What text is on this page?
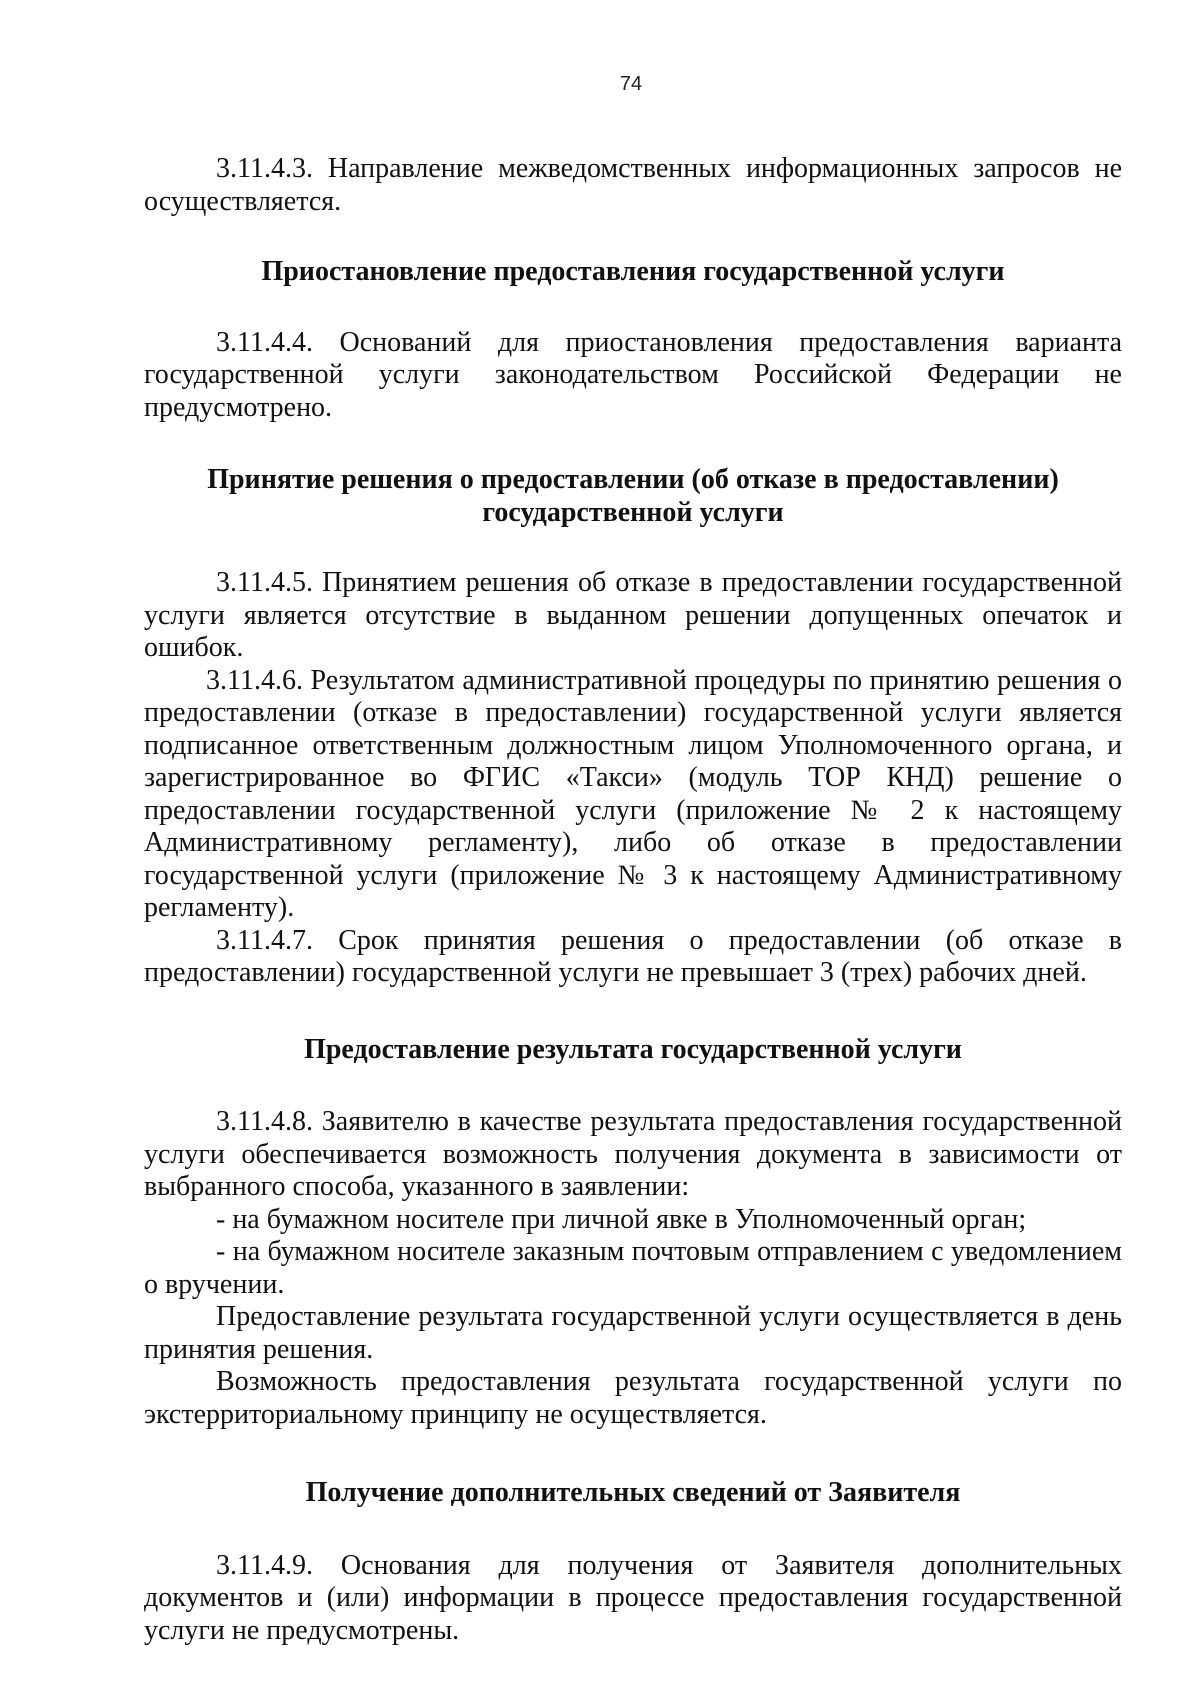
74

3.11.4.3. Направление межведомственных информационных запросов не осуществляется.

Приостановление предоставления государственной услуги

3.11.4.4. Оснований для приостановления предоставления варианта государственной услуги законодательством Российской Федерации не предусмотрено.

Принятие решения о предоставлении (об отказе в предоставлении) государственной услуги

3.11.4.5. Принятием решения об отказе в предоставлении государственной услуги является отсутствие в выданном решении допущенных опечаток и ошибок.

3.11.4.6. Результатом административной процедуры по принятию решения о предоставлении (отказе в предоставлении) государственной услуги является подписанное ответственным должностным лицом Уполномоченного органа, и зарегистрированное во ФГИС «Такси» (модуль ТОР КНД) решение о предоставлении государственной услуги (приложение № 2 к настоящему Административному регламенту), либо об отказе в предоставлении государственной услуги (приложение № 3 к настоящему Административному регламенту).

3.11.4.7. Срок принятия решения о предоставлении (об отказе в предоставлении) государственной услуги не превышает 3 (трех) рабочих дней.

Предоставление результата государственной услуги

3.11.4.8. Заявителю в качестве результата предоставления государственной услуги обеспечивается возможность получения документа в зависимости от выбранного способа, указанного в заявлении:

- на бумажном носителе при личной явке в Уполномоченный орган;

- на бумажном носителе заказным почтовым отправлением с уведомлением о вручении.

Предоставление результата государственной услуги осуществляется в день принятия решения.

Возможность предоставления результата государственной услуги по экстерриториальному принципу не осуществляется.

Получение дополнительных сведений от Заявителя

3.11.4.9. Основания для получения от Заявителя дополнительных документов и (или) информации в процессе предоставления государственной услуги не предусмотрены.
